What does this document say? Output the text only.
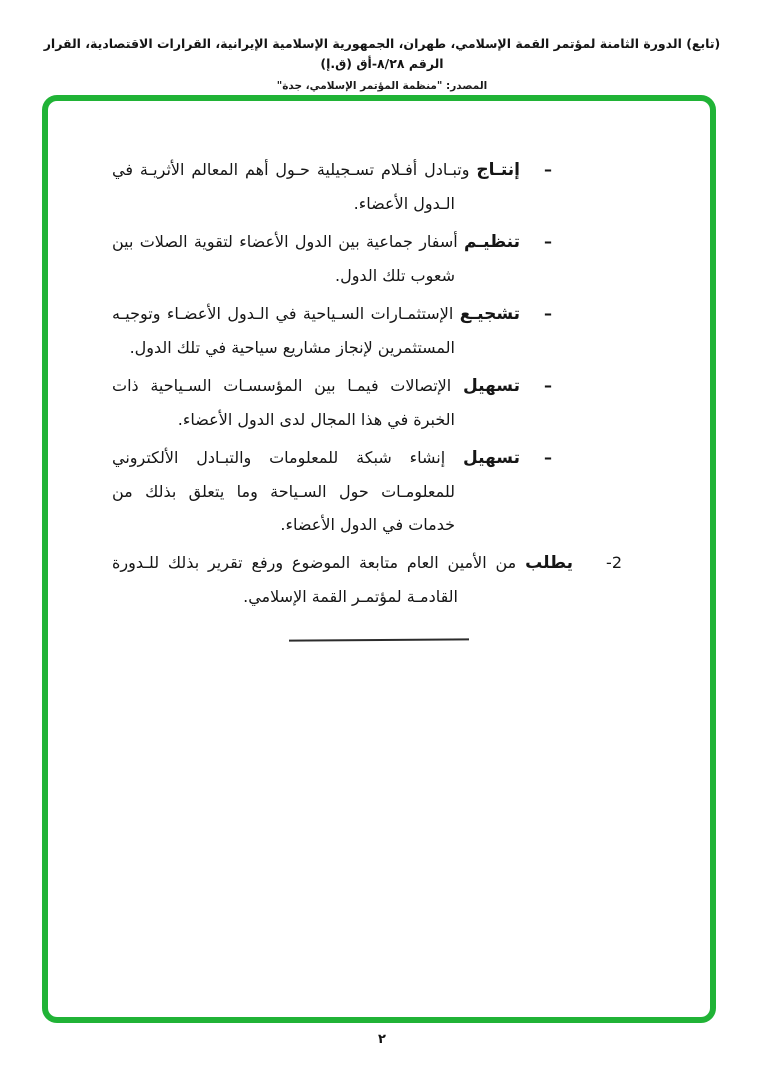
(تابع) الدورة الثامنة لمؤتمر القمة الإسلامي، طهران، الجمهورية الإسلامية الإيرانية، القرارات الاقتصادية، القرار الرقم ٨/٢٨-أق (ق.إ)
المصدر: "منظمة المؤتمر الإسلامي، جدة"
–

إنتـاج وتبـادل أفـلام تسـجيلية حـول أهم المعالم الأثريـة في الـدول الأعضاء.

–

تنظيـم أسفار جماعية بين الدول الأعضاء لتقوية الصلات بين شعوب تلك الدول.

–

تشجيـع الإستثمـارات السـياحية في الـدول الأعضـاء وتوجيـه المستثمرين لإنجاز مشاريع سياحية في تلك الدول.

–

تسهيل الإتصالات فيمـا بين المؤسسـات السـياحية ذات الخبرة في هذا المجال لدى الدول الأعضاء.

–

تسهيل إنشاء شبكة للمعلومات والتبـادل الألكتروني للمعلومـات حول السـياحة وما يتعلق بذلك من خدمات في الدول الأعضاء.

2-

يطلب من الأمين العام متابعة الموضوع ورفع تقرير بذلك للـدورة القادمـة لمؤتمـر القمة الإسلامي.

٢
